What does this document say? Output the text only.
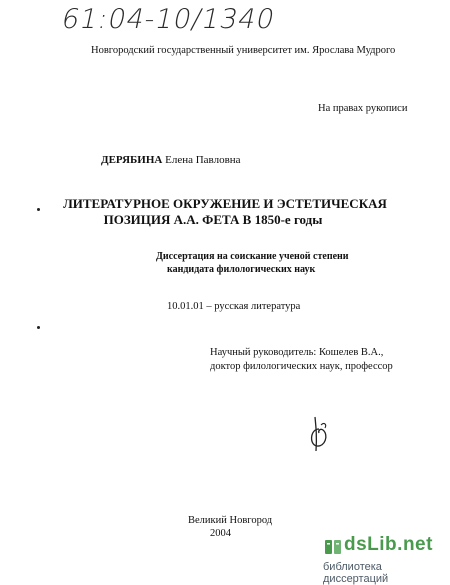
61:04-10/1340
Новгородский государственный университет им. Ярослава Мудрого
На правах рукописи
ДЕРЯБИНА Елена Павловна
ЛИТЕРАТУРНОЕ ОКРУЖЕНИЕ И ЭСТЕТИЧЕСКАЯ
ПОЗИЦИЯ А.А. ФЕТА В 1850-е годы
Диссертация на соискание ученой степени
кандидата филологических наук
10.01.01 – русская литература
Научный руководитель: Кошелев В.А.,
доктор филологических наук, профессор
Великий Новгород
2004
dsLib.net
библиотека диссертаций
